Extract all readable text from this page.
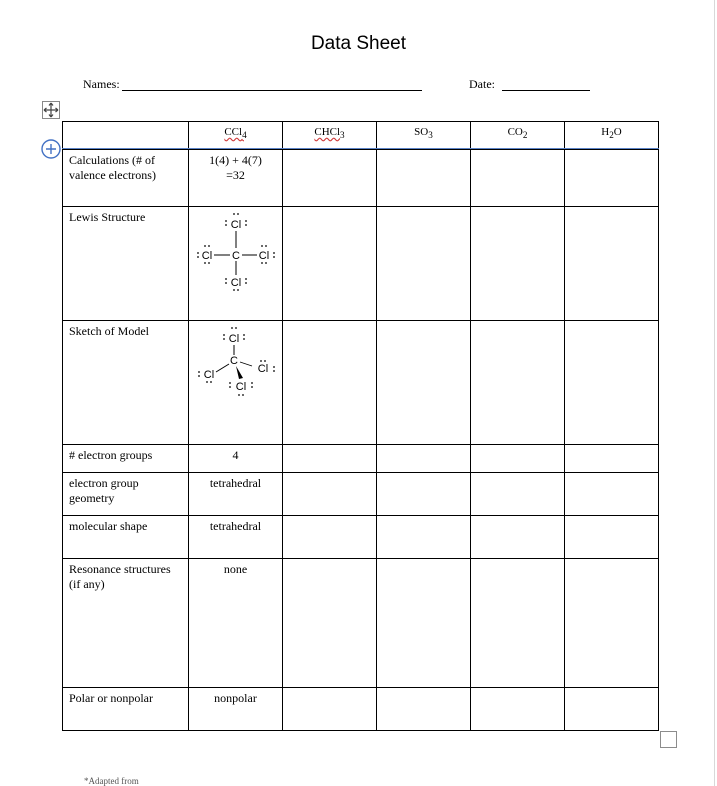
Data Sheet
Names:	Date:
	CCl$_4$	CHCl$_3$	$SO_3$	$CO_2$	$H_2O$
Calculations (# of valence electrons)	1(4) + 4(7)
=32				

Lewis Structure	C
Cl
Cl
Cl Cl				

Sketch of Model	C
Cl
Cl Cl
Cl				

# electron groups	4				
electron group geometry	tetrahedral				
molecular shape	tetrahedral				
Resonance structures (if any)	none				
Polar or nonpolar	nonpolar				
*Adapted from
